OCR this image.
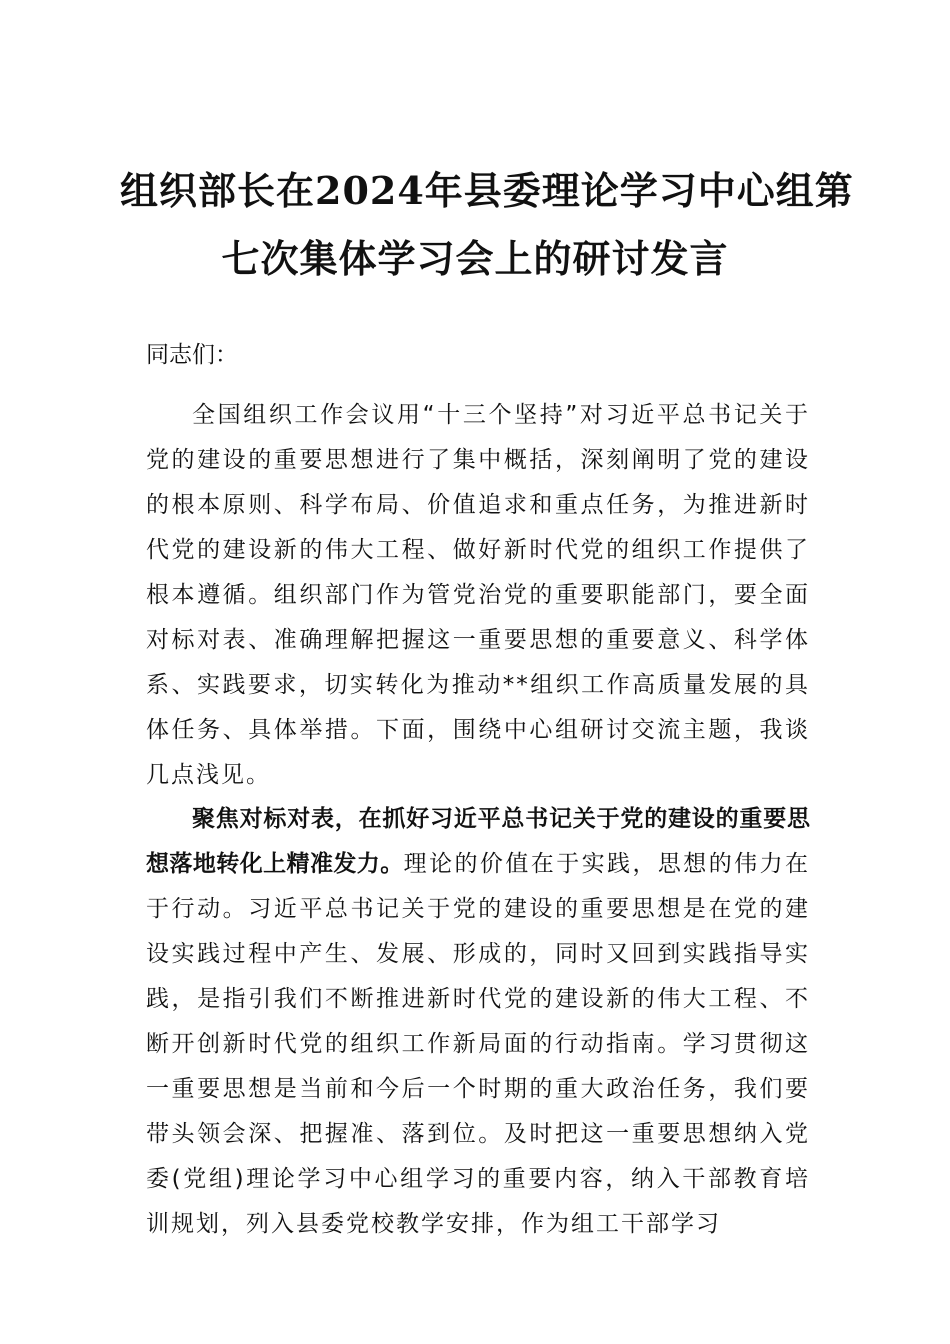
组织部长在2024年县委理论学习中心组第
七次集体学习会上的研讨发言
同志们：

全国组织工作会议用“十三个坚持”对习近平总书记关于党的建设的重要思想进行了集中概括，深刻阐明了党的建设的根本原则、科学布局、价值追求和重点任务，为推进新时代党的建设新的伟大工程、做好新时代党的组织工作提供了根本遵循。组织部门作为管党治党的重要职能部门，要全面对标对表、准确理解把握这一重要思想的重要意义、科学体系、实践要求，切实转化为推动**组织工作高质量发展的具体任务、具体举措。下面，围绕中心组研讨交流主题，我谈几点浅见。

聚焦对标对表，在抓好习近平总书记关于党的建设的重要思想落地转化上精准发力。理论的价值在于实践，思想的伟力在于行动。习近平总书记关于党的建设的重要思想是在党的建设实践过程中产生、发展、形成的，同时又回到实践指导实践，是指引我们不断推进新时代党的建设新的伟大工程、不断开创新时代党的组织工作新局面的行动指南。学习贯彻这一重要思想是当前和今后一个时期的重大政治任务，我们要带头领会深、把握准、落到位。及时把这一重要思想纳入党委(党组)理论学习中心组学习的重要内容，纳入干部教育培训规划，列入县委党校教学安排，作为组工干部学习
